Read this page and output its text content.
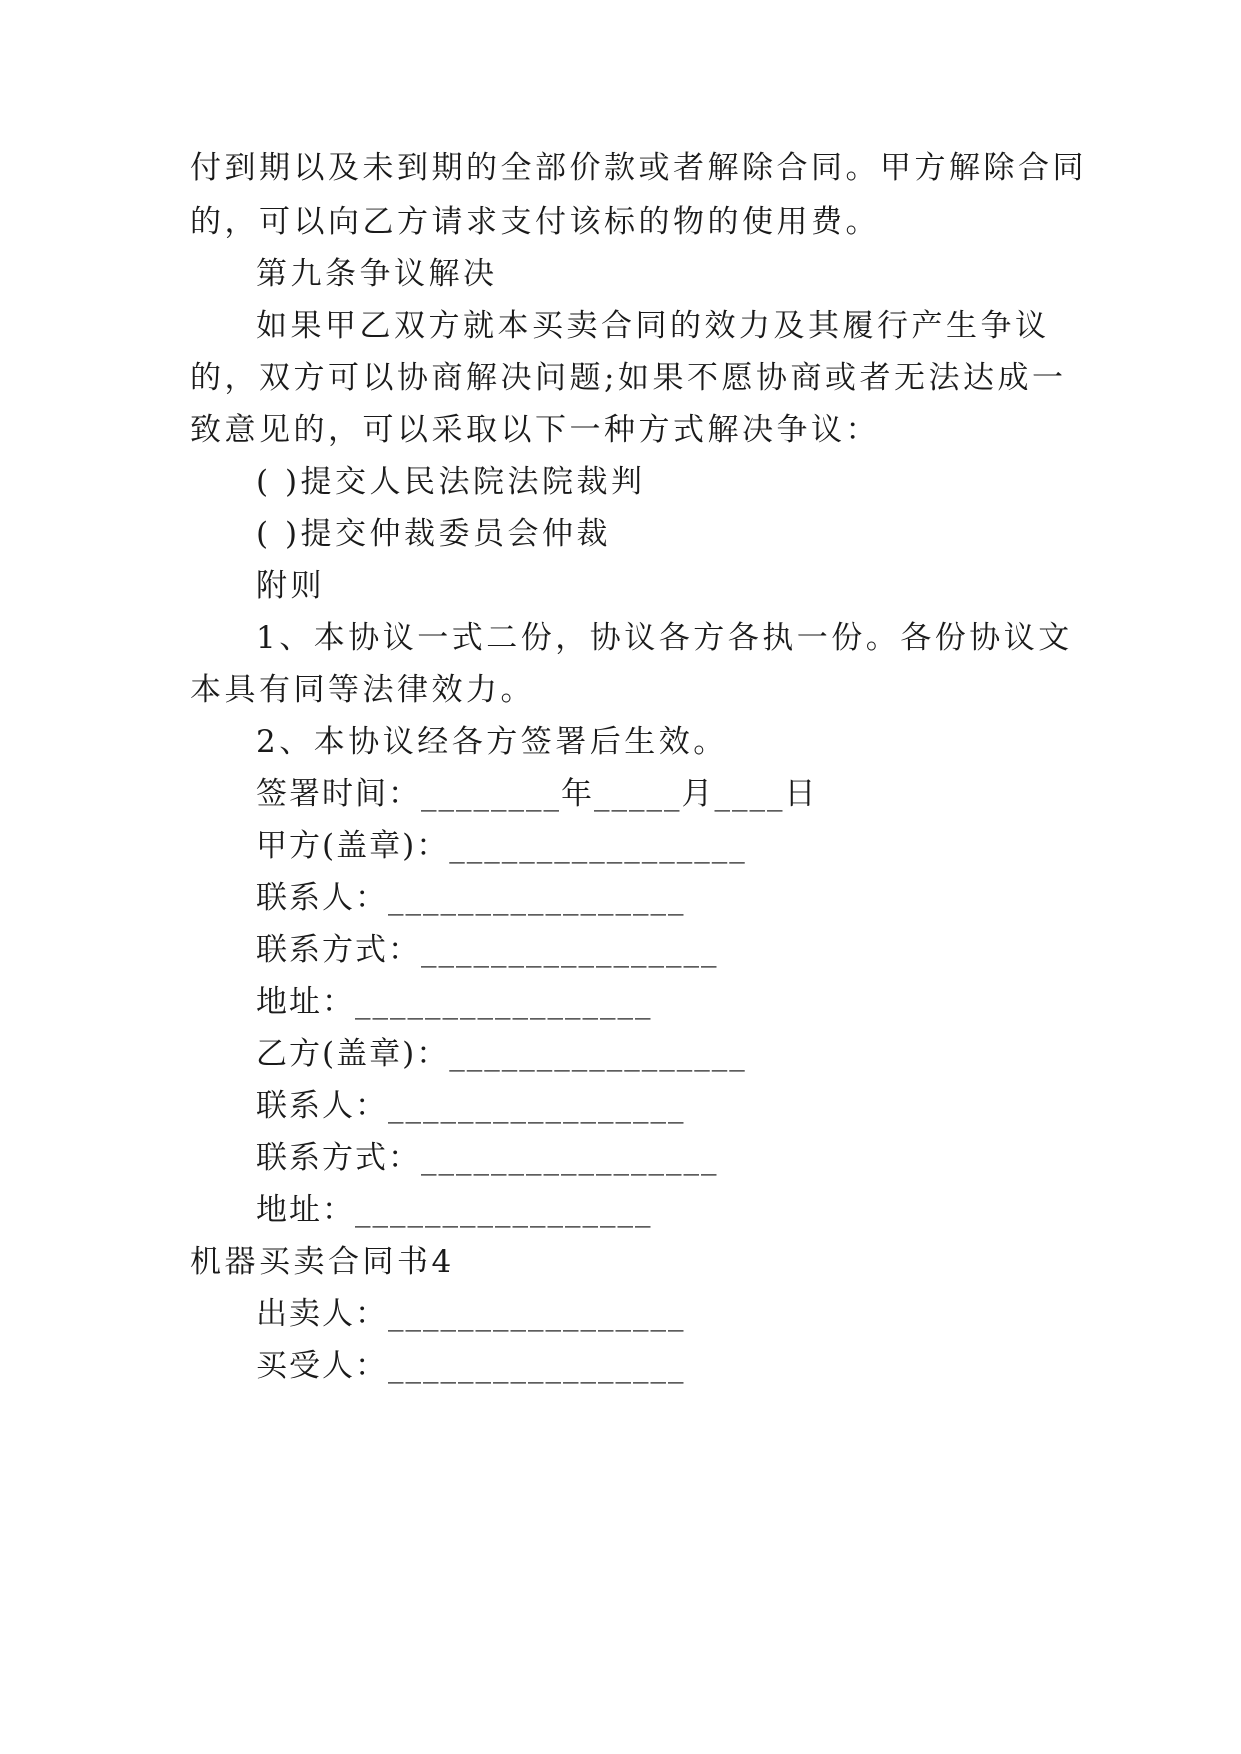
付到期以及未到期的全部价款或者解除合同。甲方解除合同
的，可以向乙方请求支付该标的物的使用费。
第九条争议解决
如果甲乙双方就本买卖合同的效力及其履行产生争议
的，双方可以协商解决问题;如果不愿协商或者无法达成一
致意见的，可以采取以下一种方式解决争议：
( )提交人民法院法院裁判
( )提交仲裁委员会仲裁
附则
1、本协议一式二份，协议各方各执一份。各份协议文
本具有同等法律效力。
2、本协议经各方签署后生效。
签署时间：________年_____月____日
甲方(盖章)：_________________
联系人：_________________
联系方式：_________________
地址：_________________
乙方(盖章)：_________________
联系人：_________________
联系方式：_________________
地址：_________________
机器买卖合同书4
出卖人：_________________
买受人：_________________
